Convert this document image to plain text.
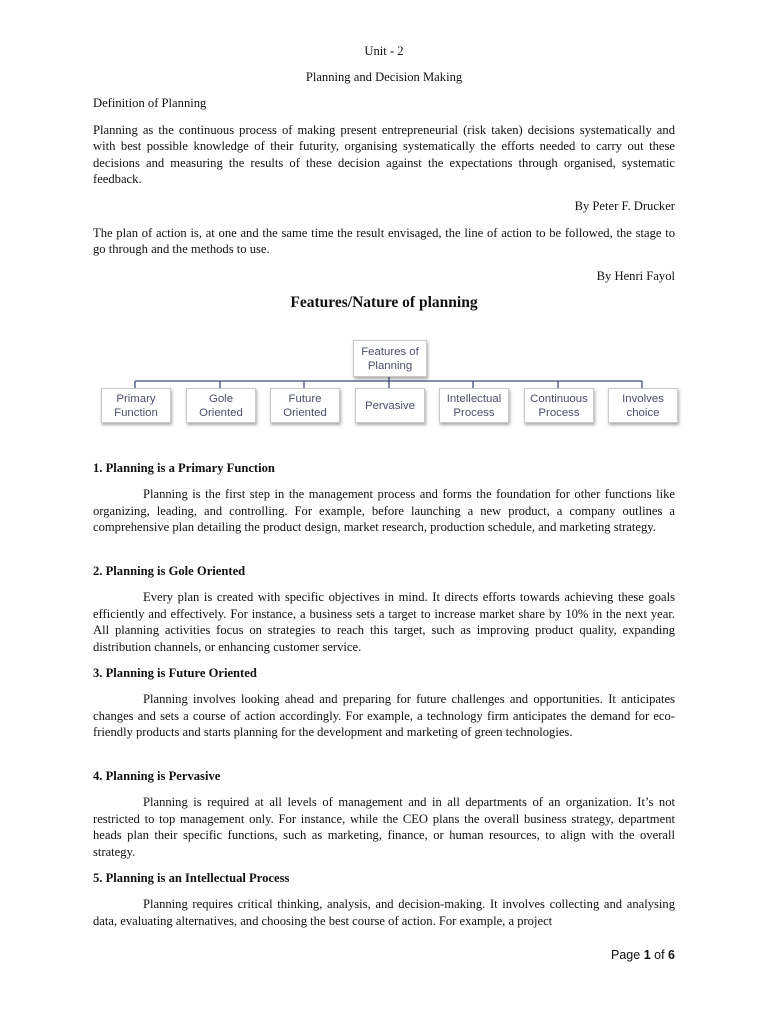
Unit - 2

Planning and Decision Making

Definition of Planning

Planning as the continuous process of making present entrepreneurial (risk taken) decisions systematically and with best possible knowledge of their futurity, organising systematically the efforts needed to carry out these decisions and measuring the results of these decision against the expectations through organised, systematic feedback.

By Peter F. Drucker

The plan of action is, at one and the same time the result envisaged, the line of action to be followed, the stage to go through and the methods to use.

By Henri Fayol

Features/Nature of planning

1. Planning is a Primary Function

Planning is the first step in the management process and forms the foundation for other functions like organizing, leading, and controlling. For example, before launching a new product, a company outlines a comprehensive plan detailing the product design, market research, production schedule, and marketing strategy.

2. Planning is Gole Oriented

Every plan is created with specific objectives in mind. It directs efforts towards achieving these goals efficiently and effectively. For instance, a business sets a target to increase market share by 10% in the next year. All planning activities focus on strategies to reach this target, such as improving product quality, expanding distribution channels, or enhancing customer service.

3. Planning is Future Oriented

Planning involves looking ahead and preparing for future challenges and opportunities. It anticipates changes and sets a course of action accordingly. For example, a technology firm anticipates the demand for eco-friendly products and starts planning for the development and marketing of green technologies.

4. Planning is Pervasive

Planning is required at all levels of management and in all departments of an organization. It’s not restricted to top management only. For instance, while the CEO plans the overall business strategy, department heads plan their specific functions, such as marketing, finance, or human resources, to align with the overall strategy.

5. Planning is an Intellectual Process

Planning requires critical thinking, analysis, and decision-making. It involves collecting and analysing data, evaluating alternatives, and choosing the best course of action. For example, a project

Features of Planning
Primary Function
Gole Oriented
Future Oriented
Pervasive
Intellectual Process
Continuous Process
Involves choice
Page 1 of 6
